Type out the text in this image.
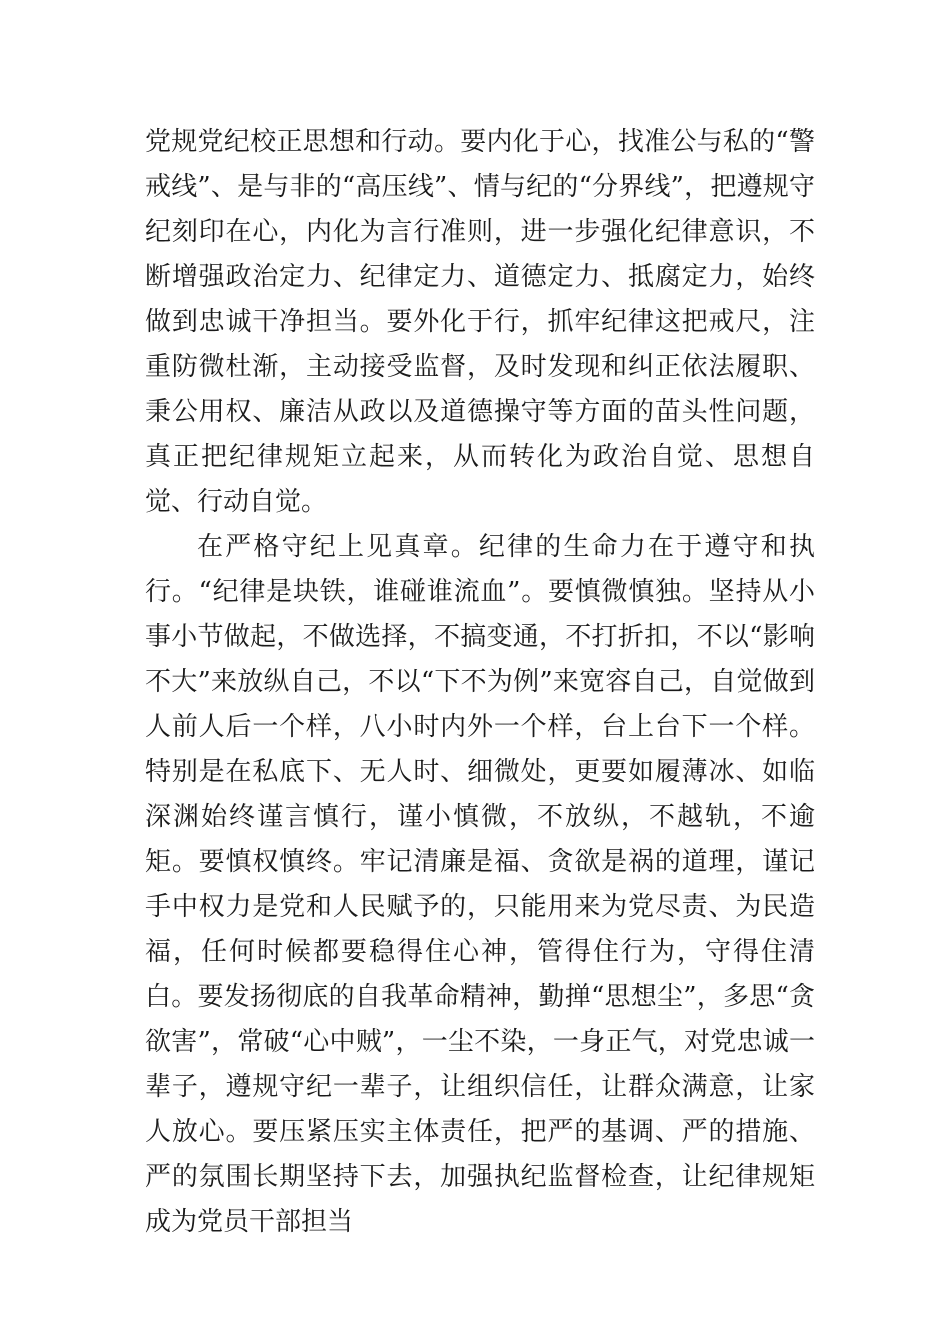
党规党纪校正思想和行动。要内化于心，找准公与私的“警戒线”、是与非的“高压线”、情与纪的“分界线”，把遵规守纪刻印在心，内化为言行准则，进一步强化纪律意识，不断增强政治定力、纪律定力、道德定力、抵腐定力，始终做到忠诚干净担当。要外化于行，抓牢纪律这把戒尺，注重防微杜渐，主动接受监督，及时发现和纠正依法履职、秉公用权、廉洁从政以及道德操守等方面的苗头性问题，真正把纪律规矩立起来，从而转化为政治自觉、思想自觉、行动自觉。

在严格守纪上见真章。纪律的生命力在于遵守和执行。“纪律是块铁，谁碰谁流血”。要慎微慎独。坚持从小事小节做起，不做选择，不搞变通，不打折扣，不以“影响不大”来放纵自己，不以“下不为例”来宽容自己，自觉做到人前人后一个样，八小时内外一个样，台上台下一个样。特别是在私底下、无人时、细微处，更要如履薄冰、如临深渊始终谨言慎行，谨小慎微，不放纵，不越轨，不逾矩。要慎权慎终。牢记清廉是福、贪欲是祸的道理，谨记手中权力是党和人民赋予的，只能用来为党尽责、为民造福，任何时候都要稳得住心神，管得住行为，守得住清白。要发扬彻底的自我革命精神，勤掸“思想尘”，多思“贪欲害”，常破“心中贼”，一尘不染，一身正气，对党忠诚一辈子，遵规守纪一辈子，让组织信任，让群众满意，让家人放心。要压紧压实主体责任，把严的基调、严的措施、严的氛围长期坚持下去，加强执纪监督检查，让纪律规矩成为党员干部担当
